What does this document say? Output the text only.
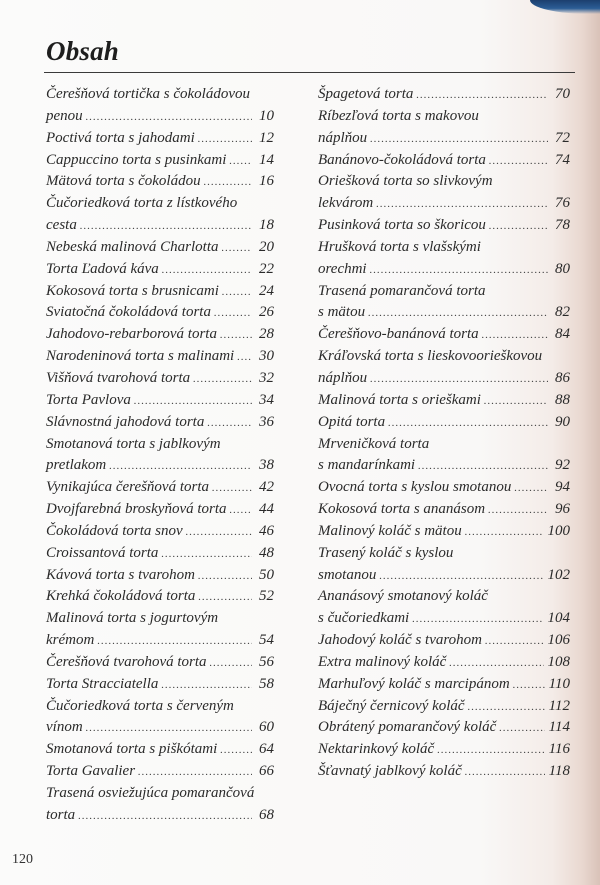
Obsah
Čerešňová tortička s čokoládovou
penou .....	10
Poctivá torta s jahodami .....	12
Cappuccino torta s pusinkami ..... 14
Mätová torta s čokoládou .....	16
Čučoriedková torta z lístkového
cesta .....	18
Nebeská malinová Charlotta .....	20
Torta Ľadová káva .....	22
Kokosová torta s brusnicami .....	24
Sviatočná čokoládová torta .....	26
Jahodovo-rebarborová torta .....	28
Narodeninová torta s malinami ..... 30
Višňová tvarohová torta .....	32
Torta Pavlova .....	34
Slávnostná jahodová torta .....	36
Smotanová torta s jablkovým
pretlakom .....	38
Vynikajúca čerešňová torta .....	42
Dvojfarebná broskyňová torta ..... 44
Čokoládová torta snov .....	46
Croissantová torta .....	48
Kávová torta s tvarohom .....	50
Krehká čokoládová torta .....	52
Malinová torta s jogurtovým
krémom .....	54
Čerešňová tvarohová torta .....	56
Torta Stracciatella .....	58
Čučoriedková torta s červeným
vínom .....	60
Smotanová torta s piškótami .....	64
Torta Gavalier .....	66
Trasená osviežujúca pomarančová
torta .....	68
Špagetová torta .....	70
Ríbezľová torta s makovou
náplňou .....	72
Banánovo-čokoládová torta .....	74
Oriešková torta so slivkovým
lekvárom .....	76
Pusinková torta so škoricou .....	78
Hrušková torta s vlašskými
orechmi .....	80
Trasená pomarančová torta
s mätou .....	82
Čerešňovo-banánová torta .....	84
Kráľovská torta s lieskovoorieškovou
náplňou .....	86
Malinová torta s orieškami .....	88
Opitá torta .....	90
Mrveničková torta
s mandarínkami .....	92
Ovocná torta s kyslou smotanou .....	94
Kokosová torta s ananásom .....	96
Malinový koláč s mätou .....	100
Trasený koláč s kyslou
smotanou .....	102
Ananásový smotanový koláč
s čučoriedkami .....	104
Jahodový koláč s tvarohom .....	106
Extra malinový koláč .....	108
Marhuľový koláč s marcipánom .....	110
Báječný černicový koláč .....	112
Obrátený pomarančový koláč .....	114
Nektarinkový koláč .....	116
Šťavnatý jablkový koláč .....	118
120
